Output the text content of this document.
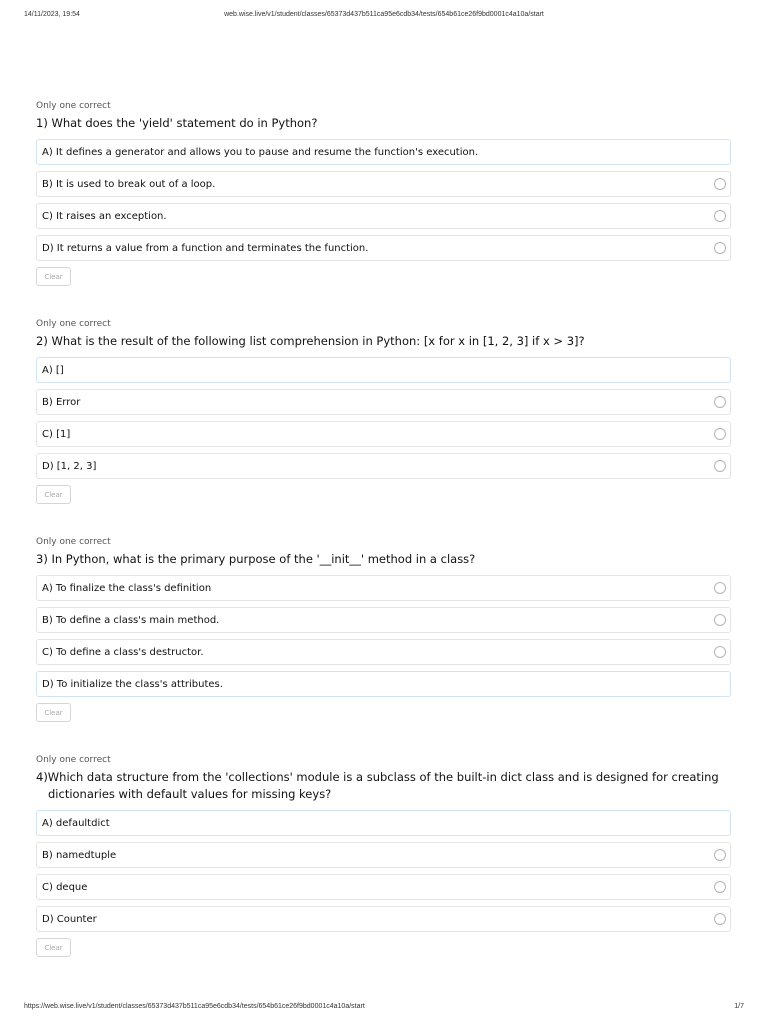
14/11/2023, 19:54	web.wise.live/v1/student/classes/65373d437b511ca95e6cdb34/tests/654b61ce26f9bd0001c4a10a/start
Only one correct
1) What does the 'yield' statement do in Python?
A) It defines a generator and allows you to pause and resume the function's execution.
B) It is used to break out of a loop.
C) It raises an exception.
D) It returns a value from a function and terminates the function.
Clear
Only one correct
2) What is the result of the following list comprehension in Python: [x for x in [1, 2, 3] if x > 3]?
A) []
B) Error
C) [1]
D) [1, 2, 3]
Clear
Only one correct
3) In Python, what is the primary purpose of the '__init__' method in a class?
A) To finalize the class's definition
B) To define a class's main method.
C) To define a class's destructor.
D) To initialize the class's attributes.
Clear
Only one correct
4)Which data structure from the 'collections' module is a subclass of the built-in dict class and is designed for creating
dictionaries with default values for missing keys?
A) defaultdict
B) namedtuple
C) deque
D) Counter
Clear
https://web.wise.live/v1/student/classes/65373d437b511ca95e6cdb34/tests/654b61ce26f9bd0001c4a10a/start	1/7
